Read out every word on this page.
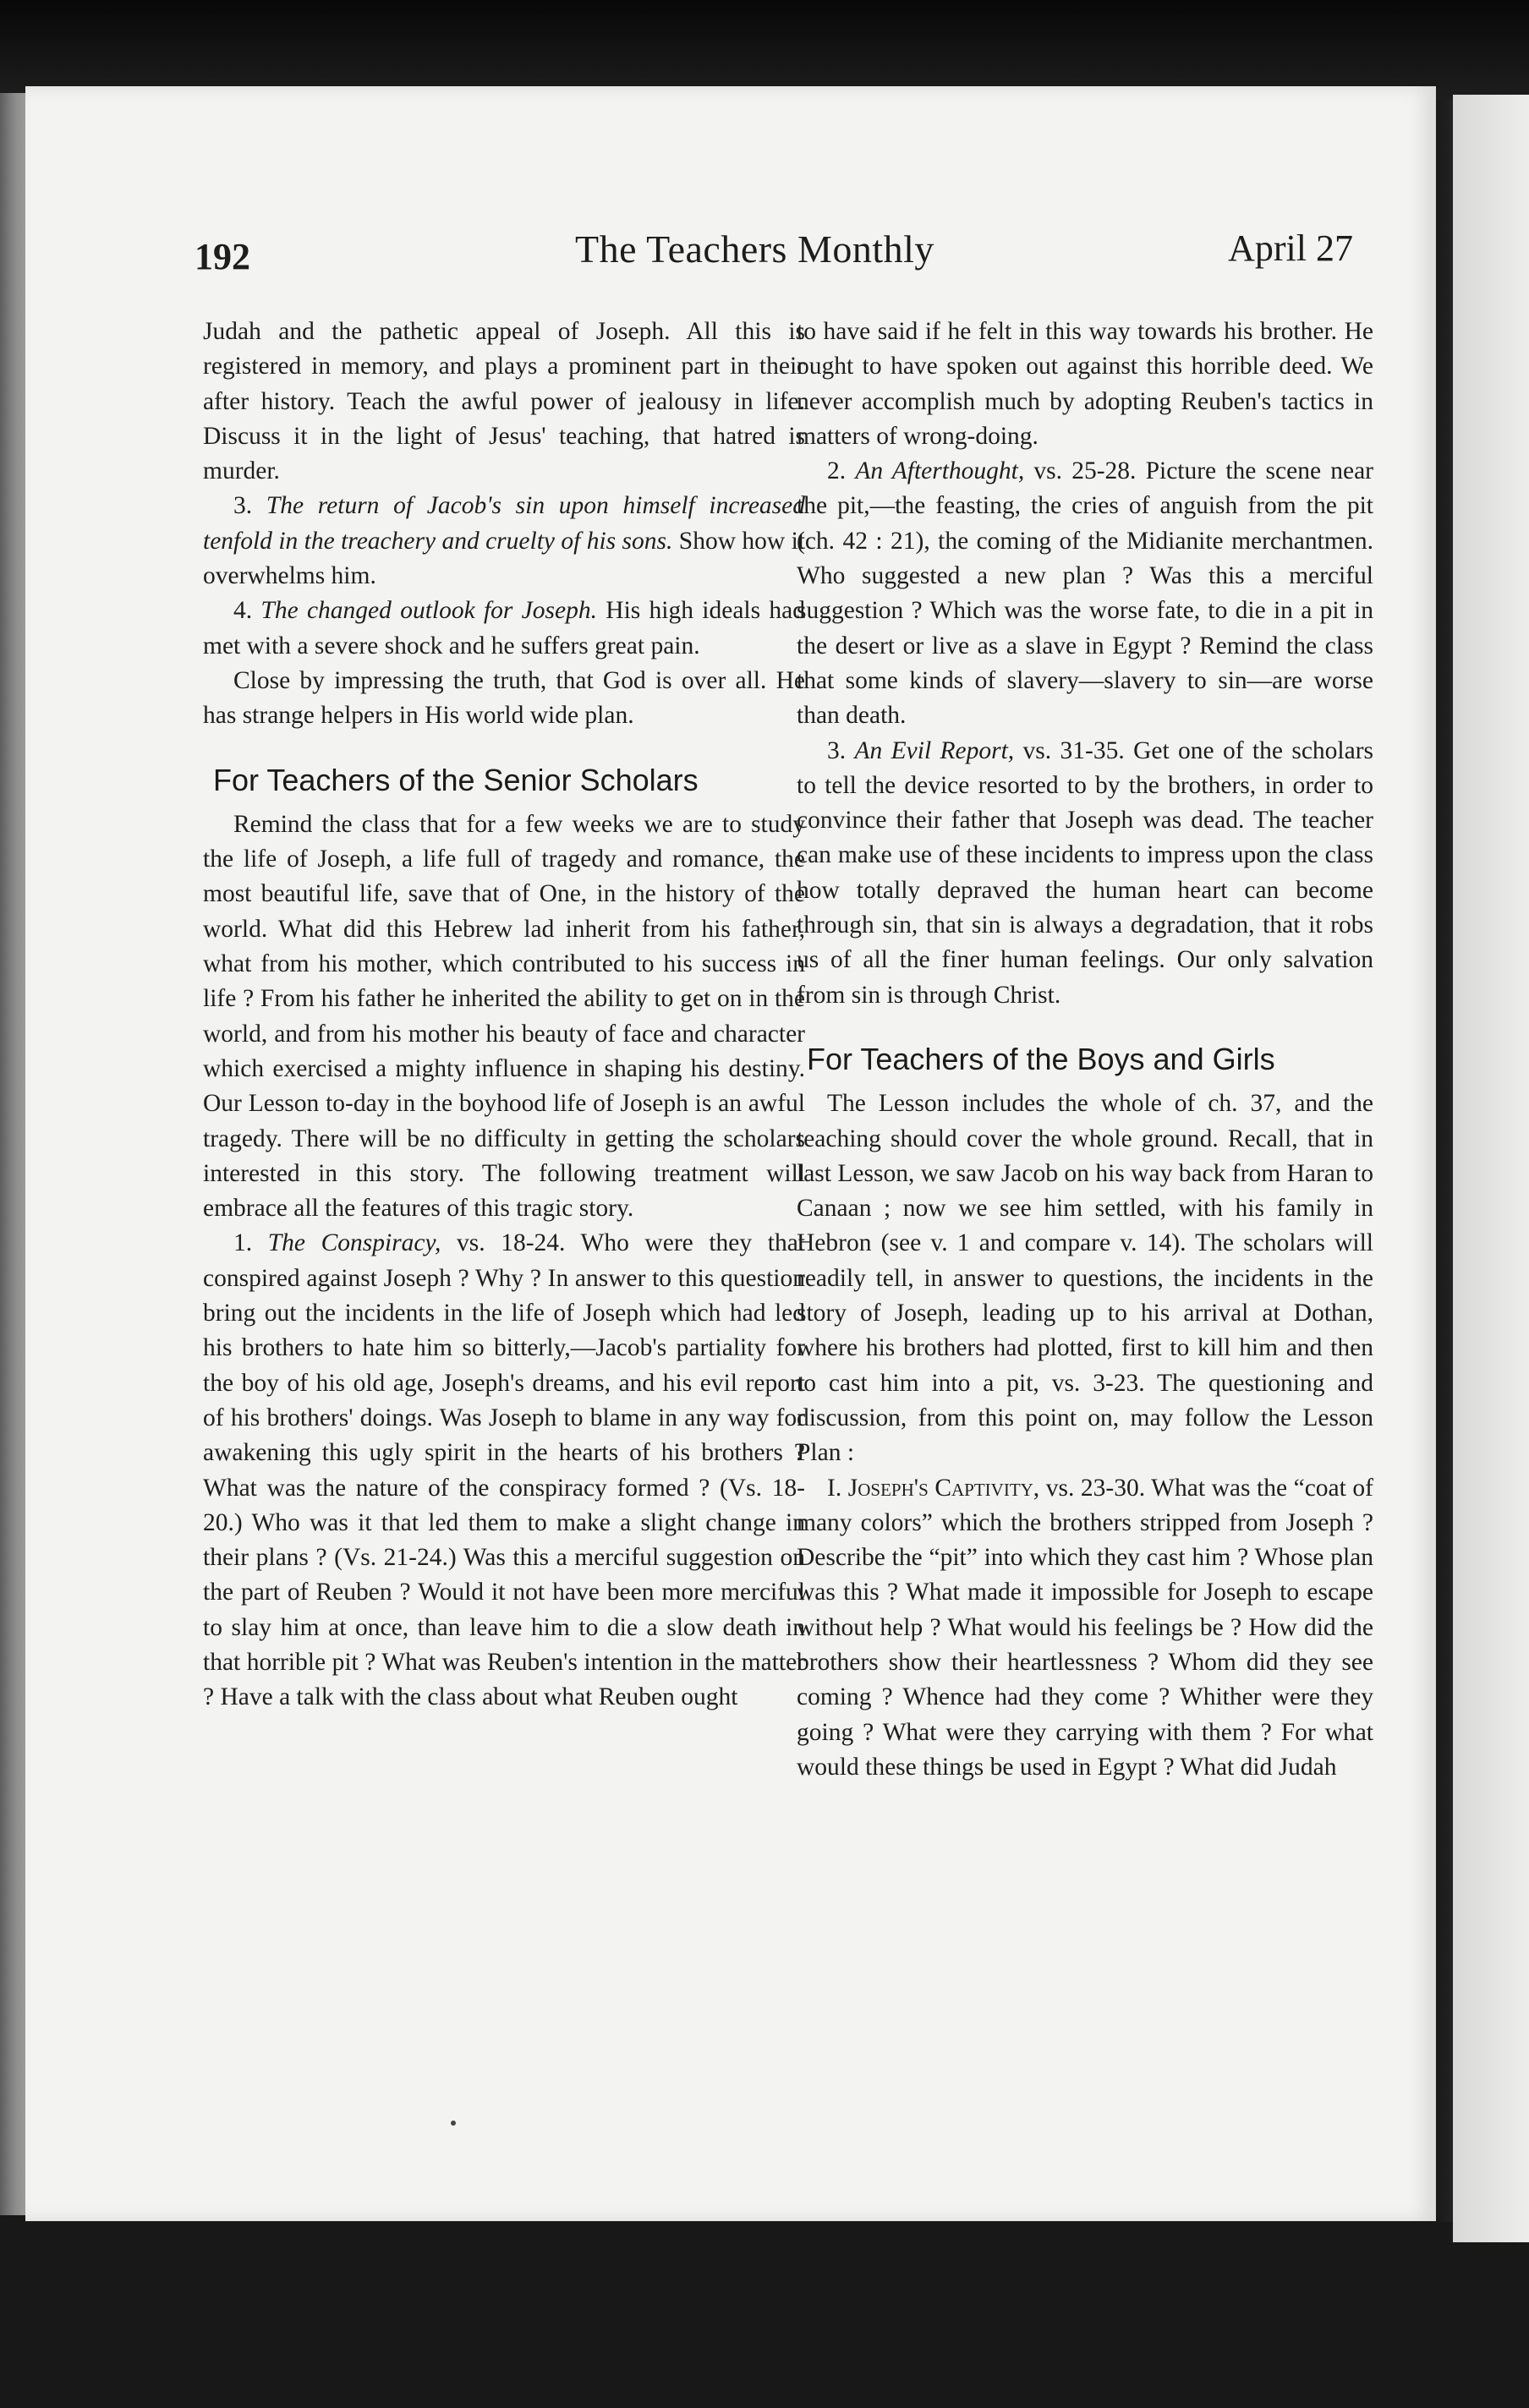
192	The Teachers Monthly	April 27

Judah and the pathetic appeal of Joseph. All this is registered in memory, and plays a prominent part in their after history. Teach the awful power of jealousy in life. Discuss it in the light of Jesus' teaching, that hatred is murder.

3. The return of Jacob's sin upon himself increased tenfold in the treachery and cruelty of his sons. Show how it overwhelms him.

4. The changed outlook for Joseph. His high ideals had met with a severe shock and he suffers great pain.

Close by impressing the truth, that God is over all. He has strange helpers in His world wide plan.

For Teachers of the Senior Scholars

Remind the class that for a few weeks we are to study the life of Joseph, a life full of tragedy and romance, the most beautiful life, save that of One, in the history of the world. What did this Hebrew lad inherit from his father, what from his mother, which contributed to his success in life ? From his father he inherited the ability to get on in the world, and from his mother his beauty of face and character which exercised a mighty influence in shaping his destiny. Our Lesson to-day in the boyhood life of Joseph is an awful tragedy. There will be no difficulty in getting the scholars interested in this story. The following treatment will embrace all the features of this tragic story.

1. The Conspiracy, vs. 18-24. Who were they that conspired against Joseph ? Why ? In answer to this question bring out the incidents in the life of Joseph which had led his brothers to hate him so bitterly,—Jacob's partiality for the boy of his old age, Joseph's dreams, and his evil report of his brothers' doings. Was Joseph to blame in any way for awakening this ugly spirit in the hearts of his brothers ? What was the nature of the conspiracy formed ? (Vs. 18-20.) Who was it that led them to make a slight change in their plans ? (Vs. 21-24.) Was this a merciful suggestion on the part of Reuben ? Would it not have been more merciful to slay him at once, than leave him to die a slow death in that horrible pit ? What was Reuben's intention in the matter ? Have a talk with the class about what Reuben ought

to have said if he felt in this way towards his brother. He ought to have spoken out against this horrible deed. We never accomplish much by adopting Reuben's tactics in matters of wrong-doing.

2. An Afterthought, vs. 25-28. Picture the scene near the pit,—the feasting, the cries of anguish from the pit (ch. 42 : 21), the coming of the Midianite merchantmen. Who suggested a new plan ? Was this a merciful suggestion ? Which was the worse fate, to die in a pit in the desert or live as a slave in Egypt ? Remind the class that some kinds of slavery—slavery to sin—are worse than death.

3. An Evil Report, vs. 31-35. Get one of the scholars to tell the device resorted to by the brothers, in order to convince their father that Joseph was dead. The teacher can make use of these incidents to impress upon the class how totally depraved the human heart can become through sin, that sin is always a degradation, that it robs us of all the finer human feelings. Our only salvation from sin is through Christ.

For Teachers of the Boys and Girls

The Lesson includes the whole of ch. 37, and the teaching should cover the whole ground. Recall, that in last Lesson, we saw Jacob on his way back from Haran to Canaan ; now we see him settled, with his family in Hebron (see v. 1 and compare v. 14). The scholars will readily tell, in answer to questions, the incidents in the story of Joseph, leading up to his arrival at Dothan, where his brothers had plotted, first to kill him and then to cast him into a pit, vs. 3-23. The questioning and discussion, from this point on, may follow the Lesson Plan :

I. Joseph's Captivity, vs. 23-30. What was the “coat of many colors” which the brothers stripped from Joseph ? Describe the “pit” into which they cast him ? Whose plan was this ? What made it impossible for Joseph to escape without help ? What would his feelings be ? How did the brothers show their heartlessness ? Whom did they see coming ? Whence had they come ? Whither were they going ? What were they carrying with them ? For what would these things be used in Egypt ? What did Judah
